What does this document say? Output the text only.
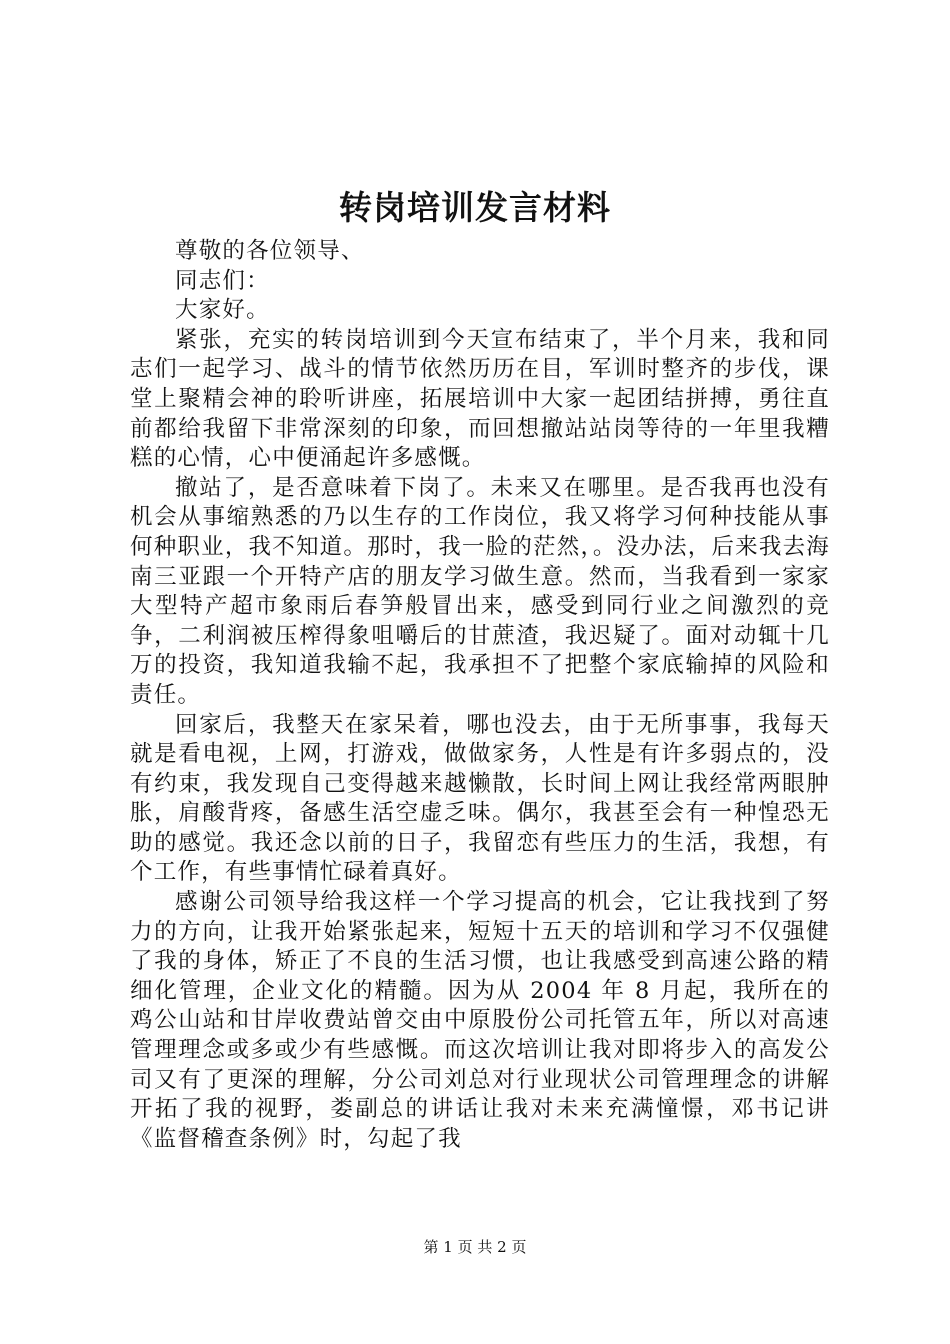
转岗培训发言材料

尊敬的各位领导、

同志们：

大家好。

紧张，充实的转岗培训到今天宣布结束了，半个月来，我和同志们一起学习、战斗的情节依然历历在目，军训时整齐的步伐，课堂上聚精会神的聆听讲座，拓展培训中大家一起团结拼搏，勇往直前都给我留下非常深刻的印象，而回想撤站站岗等待的一年里我糟糕的心情，心中便涌起许多感慨。

撤站了，是否意味着下岗了。未来又在哪里。是否我再也没有机会从事缩熟悉的乃以生存的工作岗位，我又将学习何种技能从事何种职业，我不知道。那时，我一脸的茫然，。没办法，后来我去海南三亚跟一个开特产店的朋友学习做生意。然而，当我看到一家家大型特产超市象雨后春笋般冒出来，感受到同行业之间激烈的竞争，二利润被压榨得象咀嚼后的甘蔗渣，我迟疑了。面对动辄十几万的投资，我知道我输不起，我承担不了把整个家底输掉的风险和责任。

回家后，我整天在家呆着，哪也没去，由于无所事事，我每天就是看电视，上网，打游戏，做做家务，人性是有许多弱点的，没有约束，我发现自己变得越来越懒散，长时间上网让我经常两眼肿胀，肩酸背疼，备感生活空虚乏味。偶尔，我甚至会有一种惶恐无助的感觉。我还念以前的日子，我留恋有些压力的生活，我想，有个工作，有些事情忙碌着真好。

感谢公司领导给我这样一个学习提高的机会，它让我找到了努力的方向，让我开始紧张起来，短短十五天的培训和学习不仅强健了我的身体，矫正了不良的生活习惯，也让我感受到高速公路的精细化管理，企业文化的精髓。因为从 2004 年 8 月起，我所在的鸡公山站和甘岸收费站曾交由中原股份公司托管五年，所以对高速管理理念或多或少有些感慨。而这次培训让我对即将步入的高发公司又有了更深的理解，分公司刘总对行业现状公司管理理念的讲解开拓了我的视野，娄副总的讲话让我对未来充满憧憬，邓书记讲《监督稽查条例》时，勾起了我

第 1 页 共 2 页
